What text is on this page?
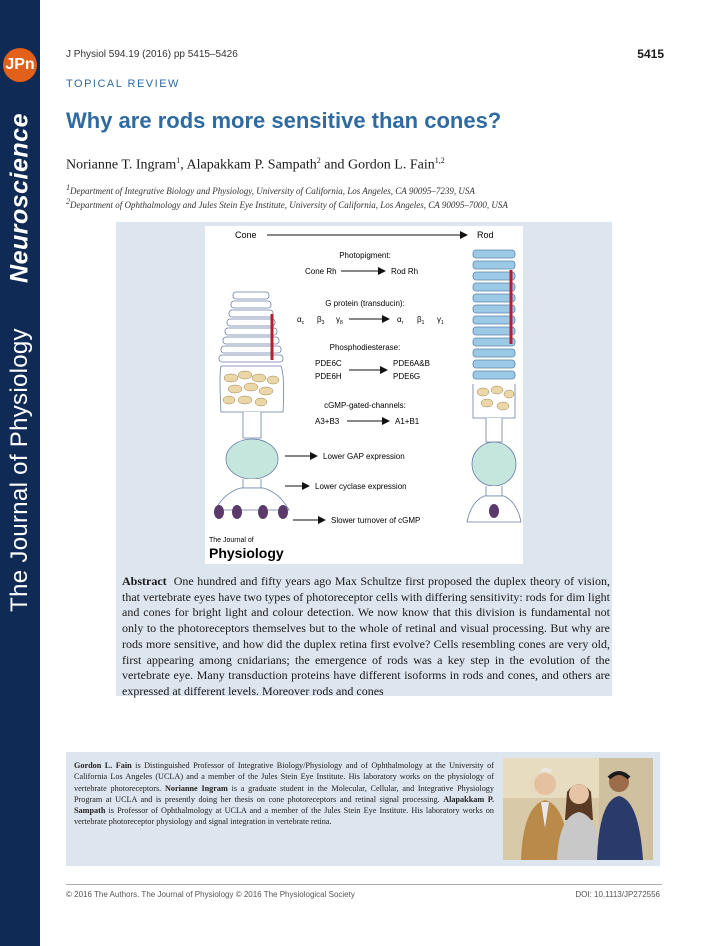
JPn
Neuroscience
The Journal of Physiology
J Physiol 594.19 (2016) pp 5415–5426	5415
TOPICAL REVIEW
Why are rods more sensitive than cones?
Norianne T. Ingram$^1$, Alapakkam P. Sampath$^2$ and Gordon L. Fain$^{1,2}$
$^1$Department of Integrative Biology and Physiology, University of California, Los Angeles, CA 90095–7239, USA
$^2$Department of Ophthalmology and Jules Stein Eye Institute, University of California, Los Angeles, CA 90095–7000, USA
Cone	Rod
Photopigment:
Cone Rh	Rod Rh
G protein (transducin):
$\alpha_c$ $\beta_3$ $\gamma_8$	$\alpha_r$ $\beta_1$ $\gamma_1$
Phosphodiesterase:
PDE6C
PDE6H
PDE6A&B
PDE6G
cGMP-gated-channels:
A3+B3	A1+B1
Lower GAP expression
Lower cyclase expression
Slower turnover of cGMP
The Journal of
Physiology
Abstract One hundred and fifty years ago Max Schultze first proposed the duplex theory of vision, that vertebrate eyes have two types of photoreceptor cells with differing sensitivity: rods for dim light and cones for bright light and colour detection. We now know that this division is fundamental not only to the photoreceptors themselves but to the whole of retinal and visual processing. But why are rods more sensitive, and how did the duplex retina first evolve? Cells resembling cones are very old, first appearing among cnidarians; the emergence of rods was a key step in the evolution of the vertebrate eye. Many transduction proteins have different isoforms in rods and cones, and others are expressed at different levels. Moreover rods and cones
Gordon L. Fain is Distinguished Professor of Integrative Biology/Physiology and of Ophthalmology at the University of California Los Angeles (UCLA) and a member of the Jules Stein Eye Institute. His laboratory works on the physiology of vertebrate photoreceptors. Norianne Ingram is a graduate student in the Molecular, Cellular, and Integrative Physiology Program at UCLA and is presently doing her thesis on cone photoreceptors and retinal signal processing. Alapakkam P. Sampath is Professor of Ophthalmology at UCLA and a member of the Jules Stein Eye Institute. His laboratory works on vertebrate photoreceptor physiology and signal integration in vertebrate retina.
© 2016 The Authors. The Journal of Physiology © 2016 The Physiological Society	DOI: 10.1113/JP272556
